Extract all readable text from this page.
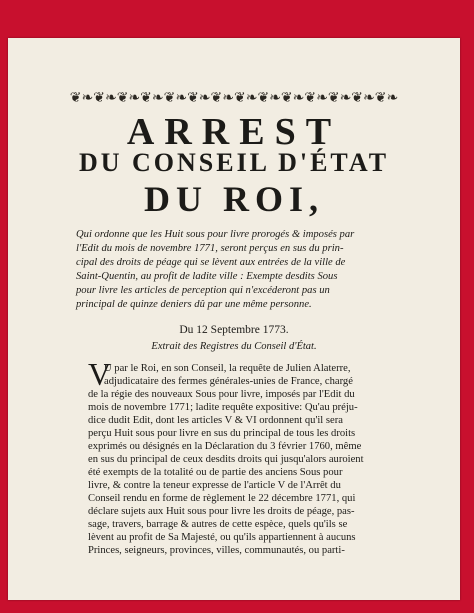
❦❧❦❧❦❧❦❧❦❧❦❧❦❧❦❧❦❧❦❧❦❧❦❧❦❧❦❧
ARREST
DU CONSEIL D'ÉTAT
DU ROI,
Qui ordonne que les Huit sous pour livre prorogés & imposés par
l'Edit du mois de novembre 1771, seront perçus en sus du prin-
cipal des droits de péage qui se lèvent aux entrées de la ville de
Saint-Quentin, au profit de ladite ville : Exempte desdits Sous
pour livre les articles de perception qui n'excéderont pas un
principal de quinze deniers dû par une même personne.
Du 12 Septembre 1773.
Extrait des Registres du Conseil d'État.
V
U par le Roi, en son Conseil, la requête de Julien Alaterre,
adjudicataire des fermes générales-unies de France, chargé
de la régie des nouveaux Sous pour livre, imposés par l'Edit du
mois de novembre 1771; ladite requête expositive: Qu'au préju-
dice dudit Edit, dont les articles V & VI ordonnent qu'il sera
perçu Huit sous pour livre en sus du principal de tous les droits
exprimés ou désignés en la Déclaration du 3 février 1760, même
en sus du principal de ceux desdits droits qui jusqu'alors auroient
été exempts de la totalité ou de partie des anciens Sous pour
livre, & contre la teneur expresse de l'article V de l'Arrêt du
Conseil rendu en forme de règlement le 22 décembre 1771, qui
déclare sujets aux Huit sous pour livre les droits de péage, pas-
sage, travers, barrage & autres de cette espèce, quels qu'ils se
lèvent au profit de Sa Majesté, ou qu'ils appartiennent à aucuns
Princes, seigneurs, provinces, villes, communautés, ou parti-
